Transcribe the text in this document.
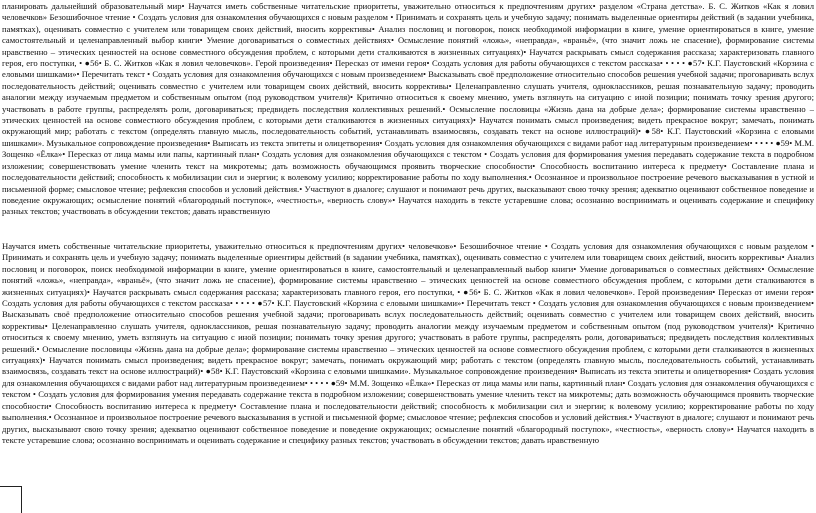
планировать дальнейший образовательный мир• Научатся иметь собственные читательские приоритеты, уважительно относиться к предпочтениям других• разделом «Страна детства». Б. С. Житков «Как я ловил человечков» Безошибочное чтение • Создать условия для ознакомления обучающихся с новым разделом • Принимать и сохранять цель и учебную задачу; понимать выделенные ориентиры действий (в задании учебника, памятках), оценивать совместно с учителем или товарищем своих действий, вносить коррективы• Анализ пословиц и поговорок, поиск необходимой информации в книге, умение ориентироваться в книге, умение самостоятельный и целенаправленный выбор книги• Умение договариваться о совместных действиях• Осмысление понятий «ложь», «неправда», «враньё», (что значит ложь не спасение), формирование системы нравственно – этических ценностей на основе совместного обсуждения проблем, с которыми дети сталкиваются в жизненных ситуациях)• Научатся раскрывать смысл содержания рассказа; характеризовать главного героя, его поступки, • ●56• Б. С. Житков «Как я ловил человечков». Герой произведения• Пересказ от имени героя• Создать условия для работы обучающихся с текстом рассказа• • • • • ●57• К.Г. Паустовский «Корзина с еловыми шишками»• Перечитать текст • Создать условия для ознакомления обучающихся с новым произведением• Высказывать своё предположение относительно способов решения учебной задачи; проговаривать вслух последовательность действий; оценивать совместно с учителем или товарищем своих действий, вносить коррективы• Целенаправленно слушать учителя, одноклассников, решая познавательную задачу; проводить аналогии между изучаемым предметом и собственным опытом (под руководством учителя)• Критично относиться к своему мнению, уметь взглянуть на ситуацию с иной позиции; понимать точку зрения другого; участвовать в работе группы, распределять роли, договариваться; предвидеть последствия коллективных решений.• Осмысление пословицы «Жизнь дана на добрые дела»; формирование системы нравственно – этических ценностей на основе совместного обсуждения проблем, с которыми дети сталкиваются в жизненных ситуациях)• Научатся понимать смысл произведения; видеть прекрасное вокруг; замечать, понимать окружающий мир; работать с текстом (определять главную мысль, последовательность событий, устанавливать взаимосвязь, создавать текст на основе иллюстраций)• ●58• К.Г. Паустовский «Корзина с еловыми шишками». Музыкальное сопровождение произведения• Выписать из текста эпитеты и олицетворения• Создать условия для ознакомления обучающихся с видами работ над литературным произведением• • • • • ●59• М.М. Зощенко «Ёлка»• Пересказ от лица мамы или папы, картинный план• Создать условия для ознакомления обучающихся с текстом • Создать условия для формирования умения передавать содержание текста в подробном изложении; совершенствовать умение членить текст на микротемы; дать возможность обучающимся проявить творческие способности• Способность воспитанию интереса к предмету• Составление плана и последовательности действий; способность к мобилизации сил и энергии; к волевому усилию; корректирование работы по ходу выполнения.• Осознанное и произвольное построение речевого высказывания в устной и письменной форме; смысловое чтение; рефлексия способов и условий действия.• Участвуют в диалоге; слушают и понимают речь других, высказывают свою точку зрения; адекватно оценивают собственное поведение и поведение окружающих; осмысление понятий «благородный поступок», «честность», «верность слову»• Научатся находить в тексте устаревшие слова; осознанно воспринимать и оценивать содержание и специфику разных текстов; участвовать в обсуждении текстов; давать нравственную

Научатся иметь собственные читательские приоритеты, уважительно относиться к предпочтениям других• человечков»• Безошибочное чтение • Создать условия для ознакомления обучающихся с новым разделом • Принимать и сохранять цель и учебную задачу; понимать выделенные ориентиры действий (в задании учебника, памятках), оценивать совместно с учителем или товарищем своих действий, вносить коррективы• Анализ пословиц и поговорок, поиск необходимой информации в книге, умение ориентироваться в книге, самостоятельный и целенаправленный выбор книги• Умение договариваться о совместных действиях• Осмысление понятий «ложь», «неправда», «враньё», (что значит ложь не спасение), формирование системы нравственно – этических ценностей на основе совместного обсуждения проблем, с которыми дети сталкиваются в жизненных ситуациях)• Научатся раскрывать смысл содержания рассказа; характеризовать главного героя, его поступки, • ●56• Б. С. Житков «Как я ловил человечков». Герой произведения• Пересказ от имени героя• Создать условия для работы обучающихся с текстом рассказа• • • • • ●57• К.Г. Паустовский «Корзина с еловыми шишками»• Перечитать текст • Создать условия для ознакомления обучающихся с новым произведением• Высказывать своё предположение относительно способов решения учебной задачи; проговаривать вслух последовательность действий; оценивать совместно с учителем или товарищем своих действий, вносить коррективы• Целенаправленно слушать учителя, одноклассников, решая познавательную задачу; проводить аналогии между изучаемым предметом и собственным опытом (под руководством учителя)• Критично относиться к своему мнению, уметь взглянуть на ситуацию с иной позиции; понимать точку зрения другого; участвовать в работе группы, распределять роли, договариваться; предвидеть последствия коллективных решений.• Осмысление пословицы «Жизнь дана на добрые дела»; формирование системы нравственно – этических ценностей на основе совместного обсуждения проблем, с которыми дети сталкиваются в жизненных ситуациях)• Научатся понимать смысл произведения; видеть прекрасное вокруг; замечать, понимать окружающий мир; работать с текстом (определять главную мысль, последовательность событий, устанавливать взаимосвязь, создавать текст на основе иллюстраций)• ●58• К.Г. Паустовский «Корзина с еловыми шишками». Музыкальное сопровождение произведения• Выписать из текста эпитеты и олицетворения• Создать условия для ознакомления обучающихся с видами работ над литературным произведением• • • • • ●59• М.М. Зощенко «Ёлка»• Пересказ от лица мамы или папы, картинный план• Создать условия для ознакомления обучающихся с текстом • Создать условия для формирования умения передавать содержание текста в подробном изложении; совершенствовать умение членить текст на микротемы; дать возможность обучающимся проявить творческие способности• Способность воспитанию интереса к предмету• Составление плана и последовательности действий; способность к мобилизации сил и энергии; к волевому усилию; корректирование работы по ходу выполнения.• Осознанное и произвольное построение речевого высказывания в устной и письменной форме; смысловое чтение; рефлексия способов и условий действия.• Участвуют в диалоге; слушают и понимают речь других, высказывают свою точку зрения; адекватно оценивают собственное поведение и поведение окружающих; осмысление понятий «благородный поступок», «честность», «верность слову»• Научатся находить в тексте устаревшие слова; осознанно воспринимать и оценивать содержание и специфику разных текстов; участвовать в обсуждении текстов; давать нравственную
